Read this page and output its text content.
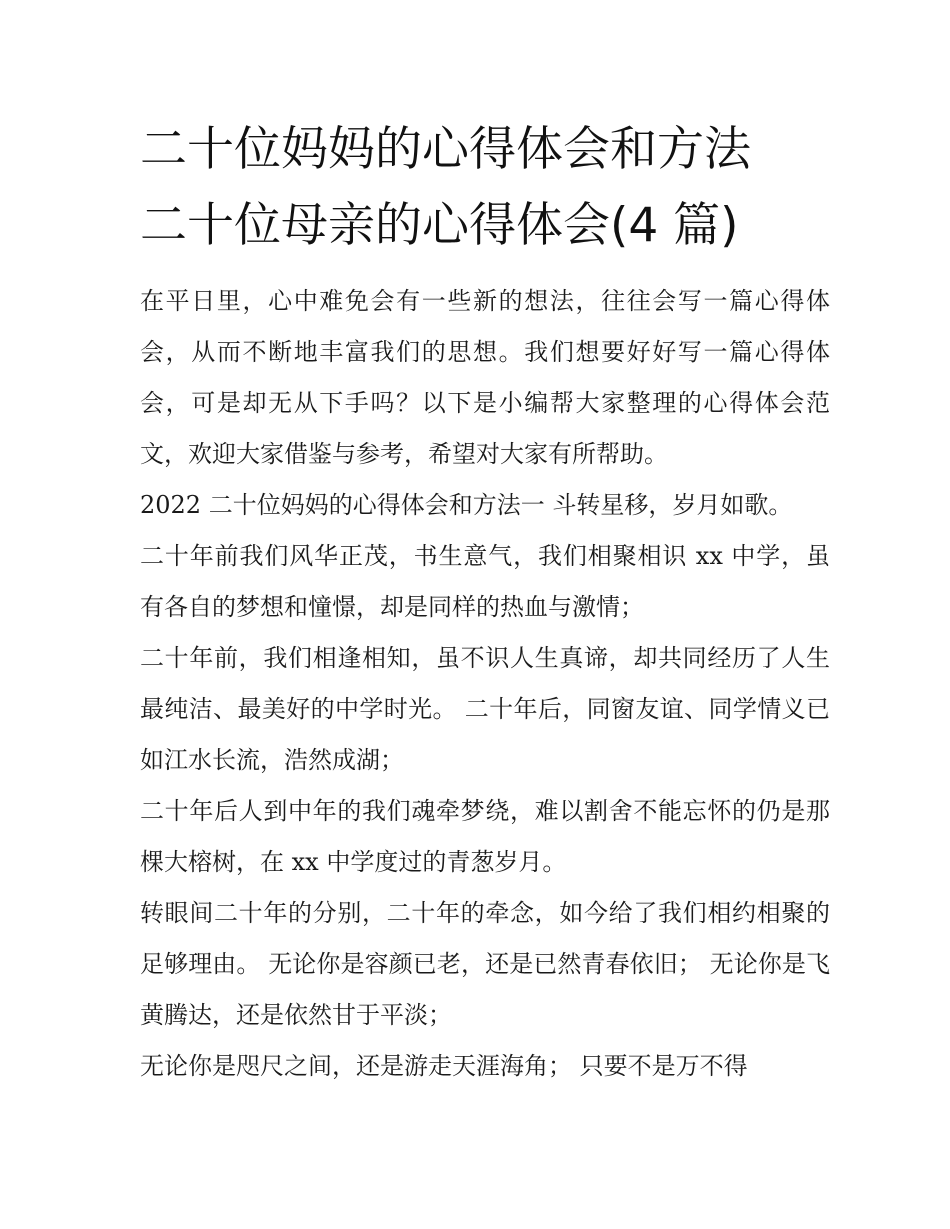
二十位妈妈的心得体会和方法
二十位母亲的心得体会(4 篇)

在平日里，心中难免会有一些新的想法，往往会写一篇心得体会，从而不断地丰富我们的思想。我们想要好好写一篇心得体会，可是却无从下手吗？以下是小编帮大家整理的心得体会范文，欢迎大家借鉴与参考，希望对大家有所帮助。

2022 二十位妈妈的心得体会和方法一 斗转星移，岁月如歌。

二十年前我们风华正茂，书生意气，我们相聚相识 xx 中学，虽有各自的梦想和憧憬，却是同样的热血与激情；

二十年前，我们相逢相知，虽不识人生真谛，却共同经历了人生最纯洁、最美好的中学时光。 二十年后，同窗友谊、同学情义已如江水长流，浩然成湖；

二十年后人到中年的我们魂牵梦绕，难以割舍不能忘怀的仍是那棵大榕树，在 xx 中学度过的青葱岁月。

转眼间二十年的分别，二十年的牵念，如今给了我们相约相聚的足够理由。 无论你是容颜已老，还是已然青春依旧； 无论你是飞黄腾达，还是依然甘于平淡；

无论你是咫尺之间，还是游走天涯海角； 只要不是万不得
